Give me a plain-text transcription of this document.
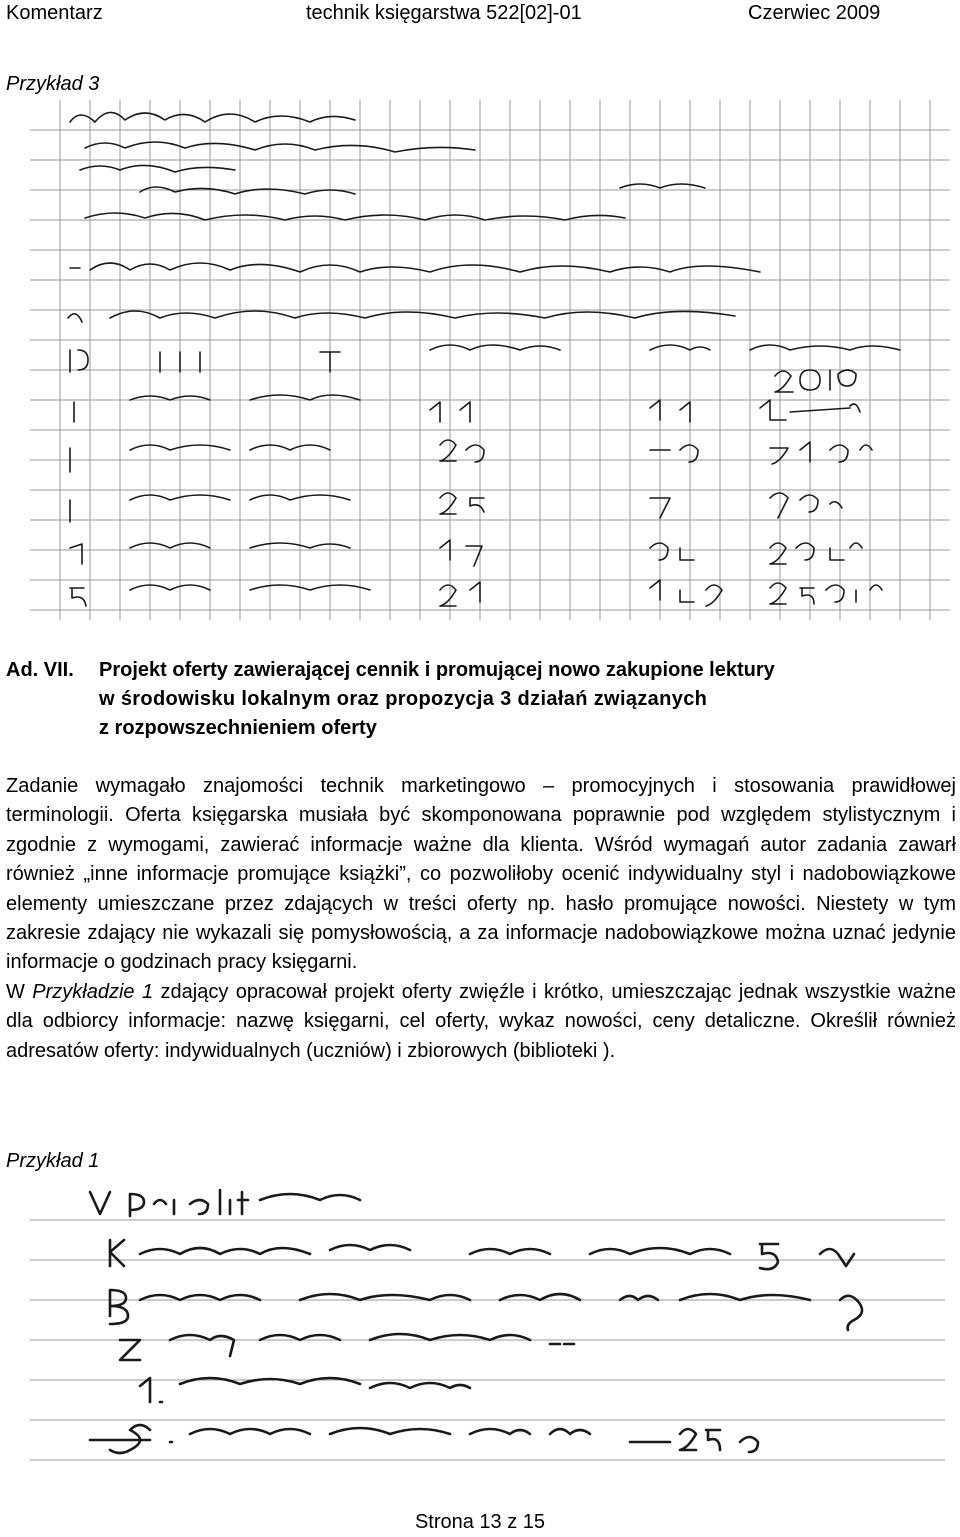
Komentarz	technik księgarstwa 522[02]-01	Czerwiec 2009
Przykład 3
Ad. VII.	Projekt oferty zawierającej cennik i promującej nowo zakupione lektury
w środowisku lokalnym oraz propozycja 3 działań związanych
z rozpowszechnieniem oferty
Zadanie wymagało znajomości technik marketingowo – promocyjnych i stosowania prawidłowej terminologii. Oferta księgarska musiała być skomponowana poprawnie pod względem stylistycznym i zgodnie z wymogami, zawierać informacje ważne dla klienta. Wśród wymagań autor zadania zawarł również „inne informacje promujące książki”, co pozwoliłoby ocenić indywidualny styl i nadobowiązkowe elementy umieszczane przez zdających w treści oferty np. hasło promujące nowości. Niestety w tym zakresie zdający nie wykazali się pomysłowością, a za informacje nadobowiązkowe można uznać jedynie informacje o godzinach pracy księgarni.
W Przykładzie 1 zdający opracował projekt oferty zwięźle i krótko, umieszczając jednak wszystkie ważne dla odbiorcy informacje: nazwę księgarni, cel oferty, wykaz nowości, ceny detaliczne. Określił również adresatów oferty: indywidualnych (uczniów) i zbiorowych (biblioteki ).
Przykład 1
Strona 13 z 15
